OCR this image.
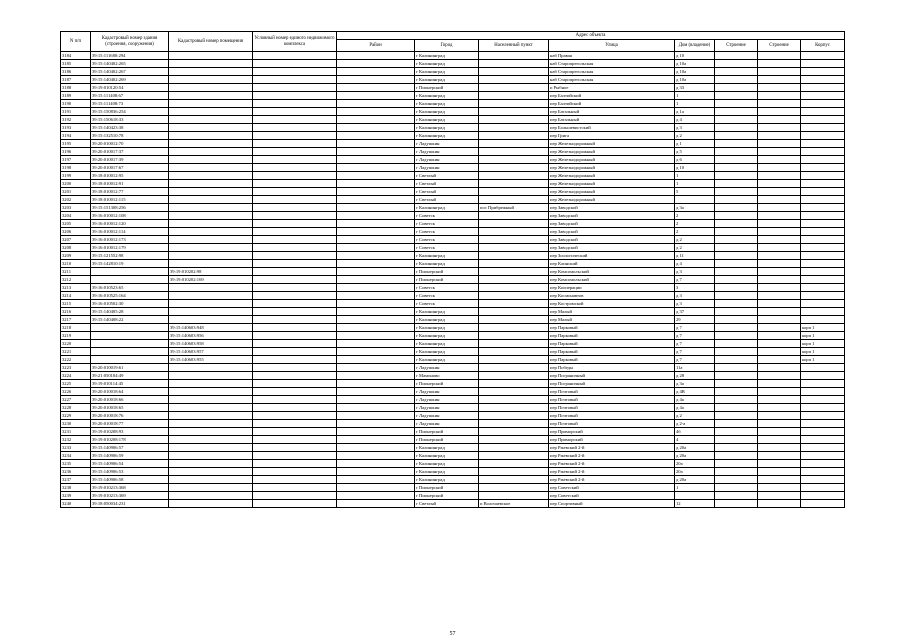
N п/п	Кадастровый номер здания (строения, сооружения)	Кадастровый номер помещения	Условный номер единого недвижимого комплекса	Адрес объекта							
				Район	Город	Населенный пункт	Улица	Дом (владение)	Строение	Строение	Корпус
3184	39:15:111680:294				г Калининград		наб Правая	д 10			
3185	39:15:140402:265				г Калининград		наб Старопрегольская	д 10а			
3186	39:15:140402:267				г Калининград		наб Старопрегольская	д 10а			
3187	39:15:140402:269				г Калининград		наб Старопрегольская	д 10а			
3188	39:19:010120:54				г Пионерский		п Рыбное	д 33			
3189	39:15:111408:67				г Калининград		пер Балтийский	1			
3190	39:15:111408:73				г Калининград		пер Балтийский	1			
3191	39:15:150836:254				г Калининград		пер Батальный	д 1а			
3192	39:15:150618:33				г Калининград		пер Батальный	д 4			
3193	39:15:140423:38				г Калининград		пер Большевистский	д 3			
3194	39:15:132510:78				г Калининград		пер Грига	д 2			
3195	39:20:010012:70				г Ладушкин		пер Железнодорожный	д 1			
3196	39:20:010017:37				г Ладушкин		пер Железнодорожный	д 5			
3197	39:20:010017:39				г Ладушкин		пер Железнодорожный	д 6			
3198	39:20:010017:67				г Ладушкин		пер Железнодорожный	д 10			
3199	39:18:010012:95				г Светлый		пер Железнодорожный	1			
3200	39:18:010012:91				г Светлый		пер Железнодорожный	1			
3201	39:18:010012:77				г Светлый		пер Железнодорожный	5			
3202	39:18:010012:115				г Светлый		пер Железнодорожный				
3203	39:15:151308:256				г Калининград	пос Прибрежный	пер Заводской	д 3а			
3204	39:16:010012:108				г Советск		пер Заводской	2			
3205	39:16:010012:120				г Советск		пер Заводской	2			
3206	39:16:010012:114				г Советск		пер Заводской	2			
3207	39:16:010012:173				г Советск		пер Заводской	д 2			
3208	39:16:010012:179				г Советск		пер Заводской	д 2			
3209	39:15:121552:98				г Калининград		пер Зоологический	д 11			
3210	39:15:142810:19				г Калининград		пер Клинский	д 4			
3211		39:19:010202:98			г Пионерский		пер Комсомольский	д 3			
3212		39:19:010202:169			г Пионерский		пер Комсомольский	д 7			
3213	39:16:010523:65				г Советск		пер Кооперации	3			
3214	39:16:010525:164				г Советск		пер Космонавтов	д 3			
3215	39:16:010502:30				г Советск		пер Костромской	д 3			
3216	39:15:140405:28				г Калининград		пер Малый	д 37			
3217	39:15:140408:22				г Калининград		пер Малый	29			
3218		39:15:140603:948			г Калининград		пер Парковый	д 7			корп 1
3219		39:15:140603:956			г Калининград		пер Парковый	д 7			корп 1
3220		39:15:140603:958			г Калининград		пер Парковый	д 7			корп 1
3221		39:15:140603:957			г Калининград		пер Парковый	д 7			корп 1
3222		39:15:140603:955			г Калининград		пер Парковый	д 7			корп 1
3223	39:20:010019:61				г Ладушкин		пер Победы	11а			
3224	39:21:050104:49				г Мамоново		пер Пограничный	д 28			
3225	39:19:010114:45				г Пионерский		пер Пограничный	д 3а			
3226	39:20:010018:64				г Ладушкин		пер Почтовый	д 4В			
3227	39:20:010018:66				г Ладушкин		пер Почтовый	д 4а			
3228	39:20:010018:65				г Ладушкин		пер Почтовый	д 4а			
3229	39:20:010018:76				г Ладушкин		пер Почтовый	д 2			
3230	39:20:010018:77				г Ладушкин		пер Почтовый	д 2-а			
3231	39:19:010208:93				г Пионерский		пер Приморский	4б			
3232	39:19:010208:178				г Пионерский		пер Приморский	4			
3233	39:15:140906:57				г Калининград		пер Ржевский 2-й	д 20а			
3234	39:15:140906:59				г Калининград		пер Ржевский 2-й	д 20а			
3235	39:15:140906:54				г Калининград		пер Ржевский 2-й	20а			
3236	39:15:140906:53				г Калининград		пер Ржевский 2-й	20а			
3237	39:15:140906:58				г Калининград		пер Ржевский 2-й	д 20а			
3238	39:19:010213:368				г Пионерский		пер Советский	1			
3239	39:19:010213:369				г Пионерский		пер Советский				
3240	39:18:050034:231				г Светлый	п Волочаевское	пер Спортивный	12			
57
